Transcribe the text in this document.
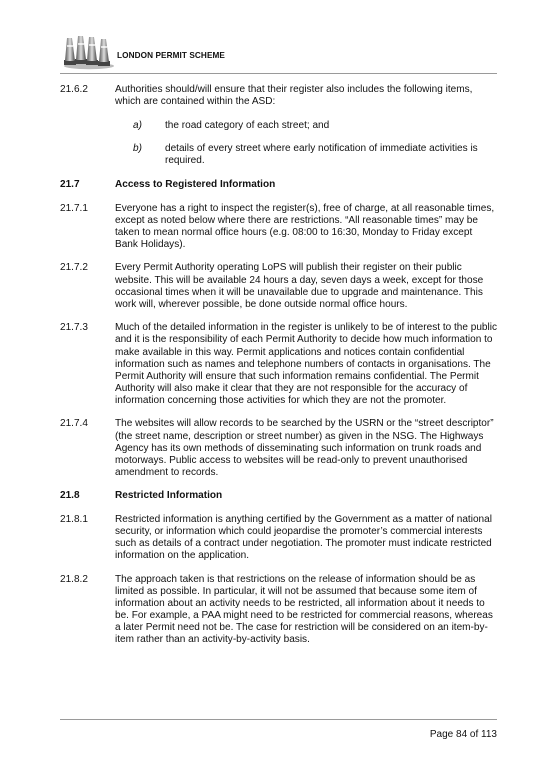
LONDON PERMIT SCHEME
21.6.2	Authorities should/will ensure that their register also includes the following items, which are contained within the ASD:
a)	the road category of each street; and
b)	details of every street where early notification of immediate activities is required.
21.7	Access to Registered Information
21.7.1	Everyone has a right to inspect the register(s), free of charge, at all reasonable times, except as noted below where there are restrictions. “All reasonable times” may be taken to mean normal office hours (e.g. 08:00 to 16:30, Monday to Friday except Bank Holidays).
21.7.2	Every Permit Authority operating LoPS will publish their register on their public website. This will be available 24 hours a day, seven days a week, except for those occasional times when it will be unavailable due to upgrade and maintenance. This work will, wherever possible, be done outside normal office hours.
21.7.3	Much of the detailed information in the register is unlikely to be of interest to the public and it is the responsibility of each Permit Authority to decide how much information to make available in this way. Permit applications and notices contain confidential information such as names and telephone numbers of contacts in organisations. The Permit Authority will ensure that such information remains confidential. The Permit Authority will also make it clear that they are not responsible for the accuracy of information concerning those activities for which they are not the promoter.
21.7.4	The websites will allow records to be searched by the USRN or the “street descriptor” (the street name, description or street number) as given in the NSG. The Highways Agency has its own methods of disseminating such information on trunk roads and motorways. Public access to websites will be read-only to prevent unauthorised amendment to records.
21.8	Restricted Information
21.8.1	Restricted information is anything certified by the Government as a matter of national security, or information which could jeopardise the promoter’s commercial interests such as details of a contract under negotiation. The promoter must indicate restricted information on the application.
21.8.2	The approach taken is that restrictions on the release of information should be as limited as possible. In particular, it will not be assumed that because some item of information about an activity needs to be restricted, all information about it needs to be. For example, a PAA might need to be restricted for commercial reasons, whereas a later Permit need not be. The case for restriction will be considered on an item-by-item rather than an activity-by-activity basis.
Page 84 of 113
